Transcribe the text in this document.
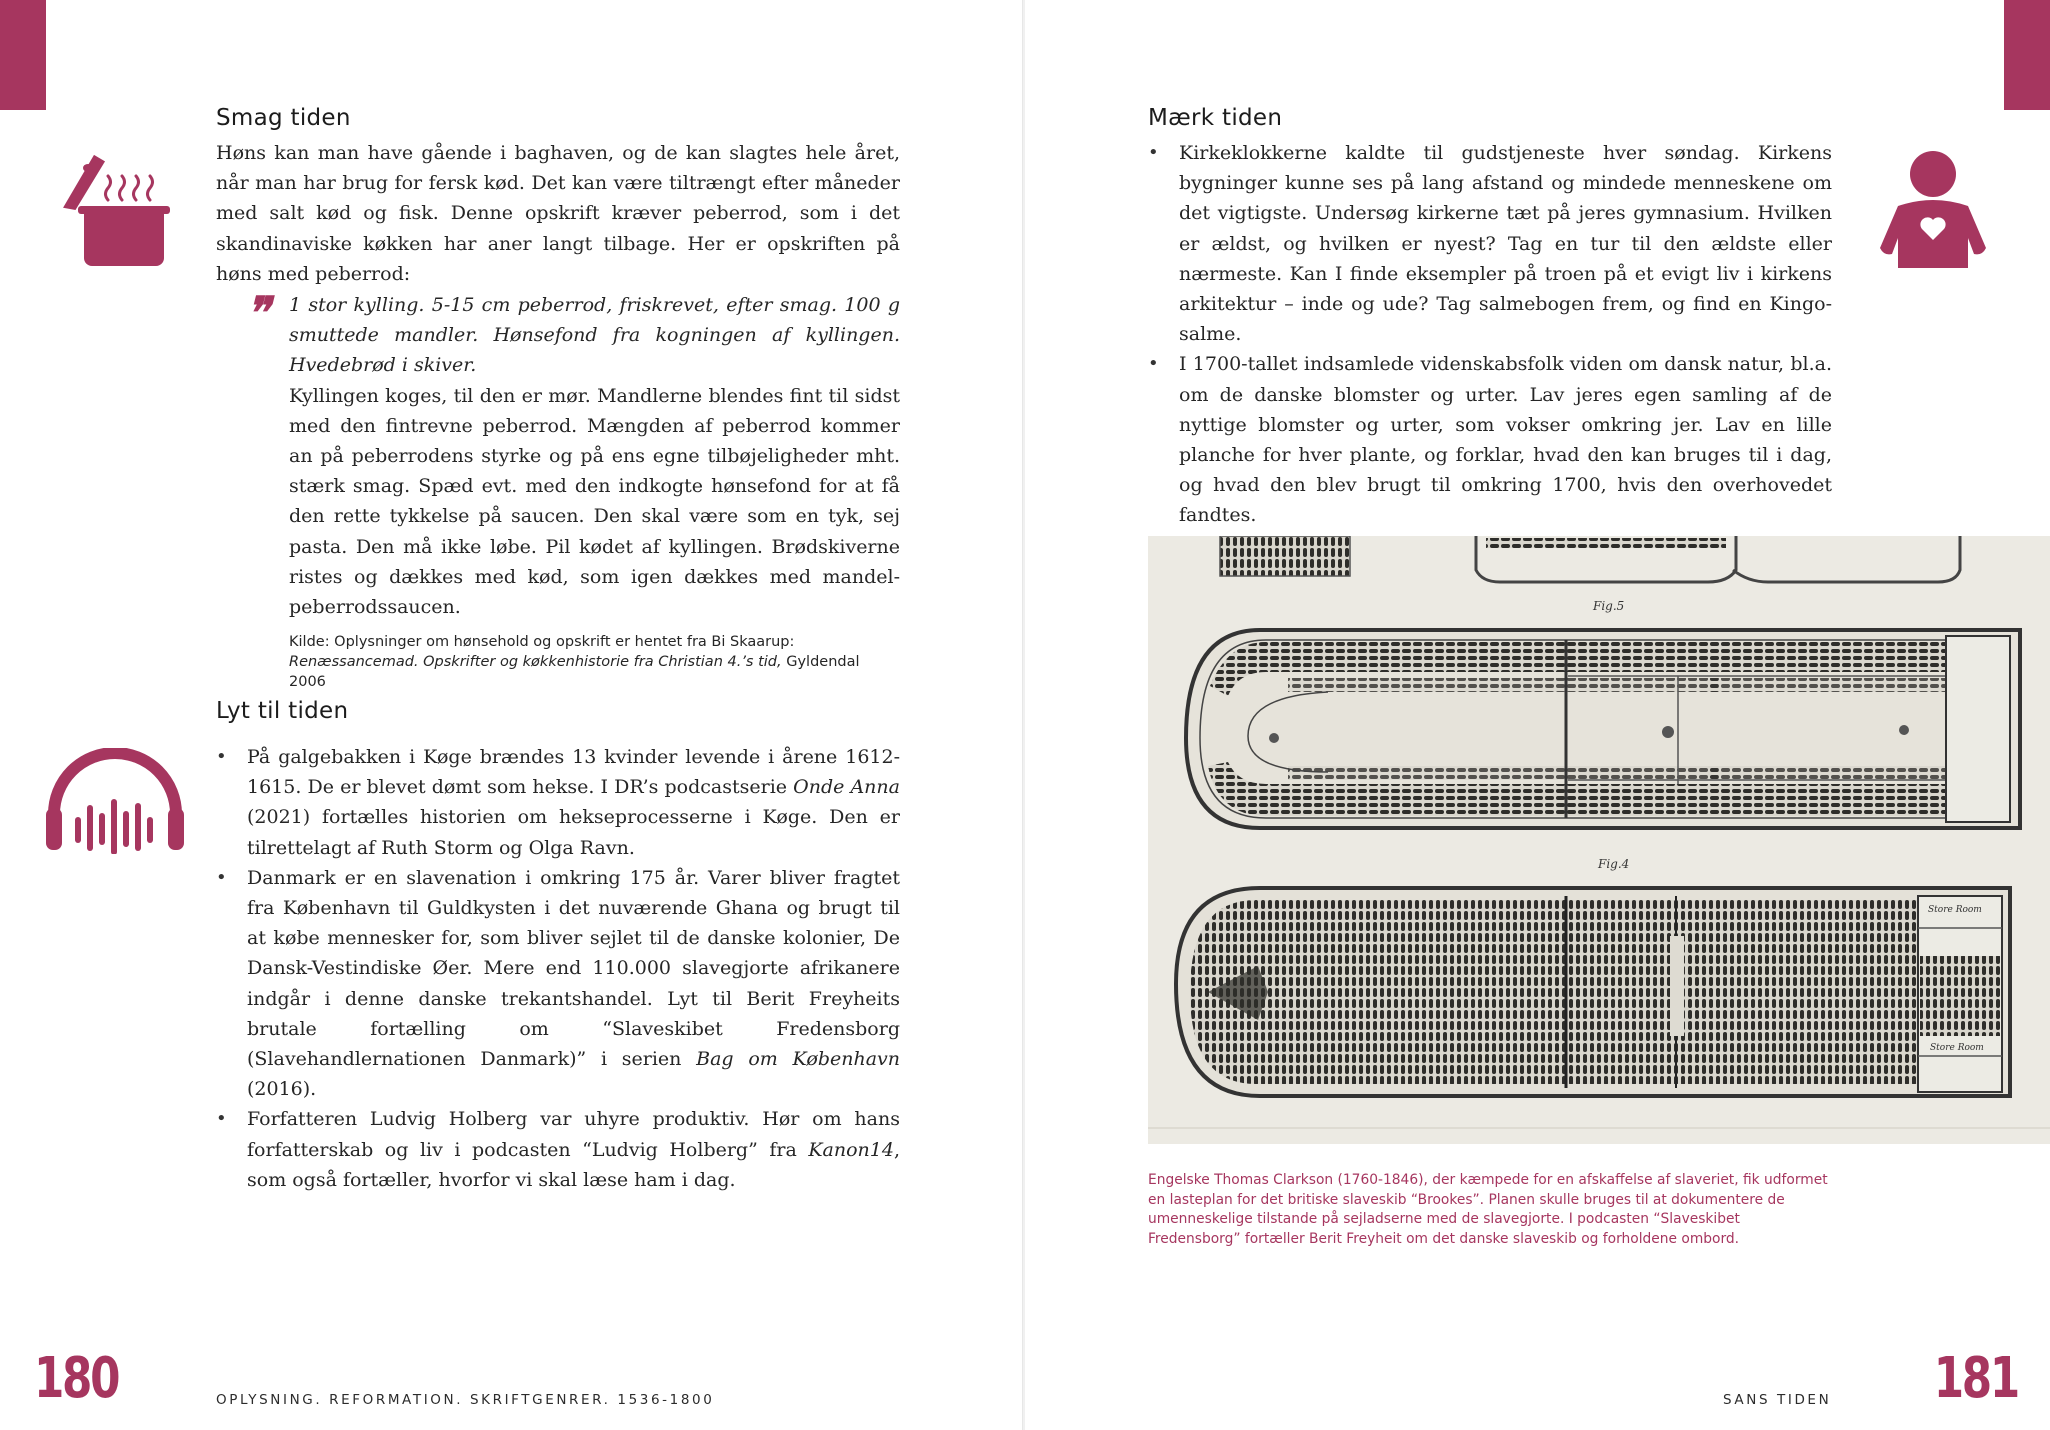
Smag tiden

Høns kan man have gående i baghaven, og de kan slagtes hele året, når man har brug for fersk kød. Det kan være tiltrængt efter måneder med salt kød og fisk. Denne opskrift kræver peberrod, som i det skandinaviske køkken har aner langt tilbage. Her er opskriften på høns med peberrod:

❞ 1 stor kylling. 5-15 cm peberrod, friskrevet, efter smag. 100 g smuttede mandler. Hønsefond fra kogningen af kyllingen. Hvedebrød i skiver.

Kyllingen koges, til den er mør. Mandlerne blendes fint til sidst med den fintrevne peberrod. Mængden af peberrod kommer an på peberrodens styrke og på ens egne tilbøjeligheder mht. stærk smag. Spæd evt. med den indkogte hønsefond for at få den rette tykkelse på saucen. Den skal være som en tyk, sej pasta. Den må ikke løbe. Pil kødet af kyllingen. Brødskiverne ristes og dækkes med kød, som igen dækkes med mandel-peberrodssaucen.

Kilde: Oplysninger om hønsehold og opskrift er hentet fra Bi Skaarup: Renæssancemad. Opskrifter og køkkenhistorie fra Christian 4.’s tid, Gyldendal 2006

Lyt til tiden
• På galgebakken i Køge brændes 13 kvinder levende i årene 1612-1615. De er blevet dømt som hekse. I DR’s podcastserie Onde Anna (2021) fortælles historien om hekseprocesserne i Køge. Den er tilrettelagt af Ruth Storm og Olga Ravn.
• Danmark er en slavenation i omkring 175 år. Varer bliver fragtet fra København til Guldkysten i det nuværende Ghana og brugt til at købe mennesker for, som bliver sejlet til de danske kolonier, De Dansk-Vestindiske Øer. Mere end 110.000 slavegjorte afrikanere indgår i denne danske trekantshandel. Lyt til Berit Freyheits brutale fortælling om “Slaveskibet Fredensborg (Slavehandlernationen Danmark)” i serien Bag om København (2016).
• Forfatteren Ludvig Holberg var uhyre produktiv. Hør om hans forfatterskab og liv i podcasten “Ludvig Holberg” fra Kanon14, som også fortæller, hvorfor vi skal læse ham i dag.
180	OPLYSNING. REFORMATION. SKRIFTGENRER. 1536-1800
Mærk tiden
• Kirkeklokkerne kaldte til gudstjeneste hver søndag. Kirkens bygninger kunne ses på lang afstand og mindede menneskene om det vigtigste. Undersøg kirkerne tæt på jeres gymnasium. Hvilken er ældst, og hvilken er nyest? Tag en tur til den ældste eller nærmeste. Kan I finde eksempler på troen på et evigt liv i kirkens arkitektur – inde og ude? Tag salmebogen frem, og find en Kingo-salme.
• I 1700-tallet indsamlede videnskabsfolk viden om dansk natur, bl.a. om de danske blomster og urter. Lav jeres egen samling af de nyttige blomster og urter, som vokser omkring jer. Lav en lille planche for hver plante, og forklar, hvad den kan bruges til i dag, og hvad den blev brugt til omkring 1700, hvis den overhovedet fandtes.
Fig.5
Fig.4
Store Room
Store Room

Engelske Thomas Clarkson (1760-1846), der kæmpede for en afskaffelse af slaveriet, fik udformet en lasteplan for det britiske slaveskib “Brookes”. Planen skulle bruges til at dokumentere de umenneskelige tilstande på sejladserne med de slavegjorte. I podcasten “Slaveskibet Fredensborg” fortæller Berit Freyheit om det danske slaveskib og forholdene ombord.

SANS TIDEN 181
